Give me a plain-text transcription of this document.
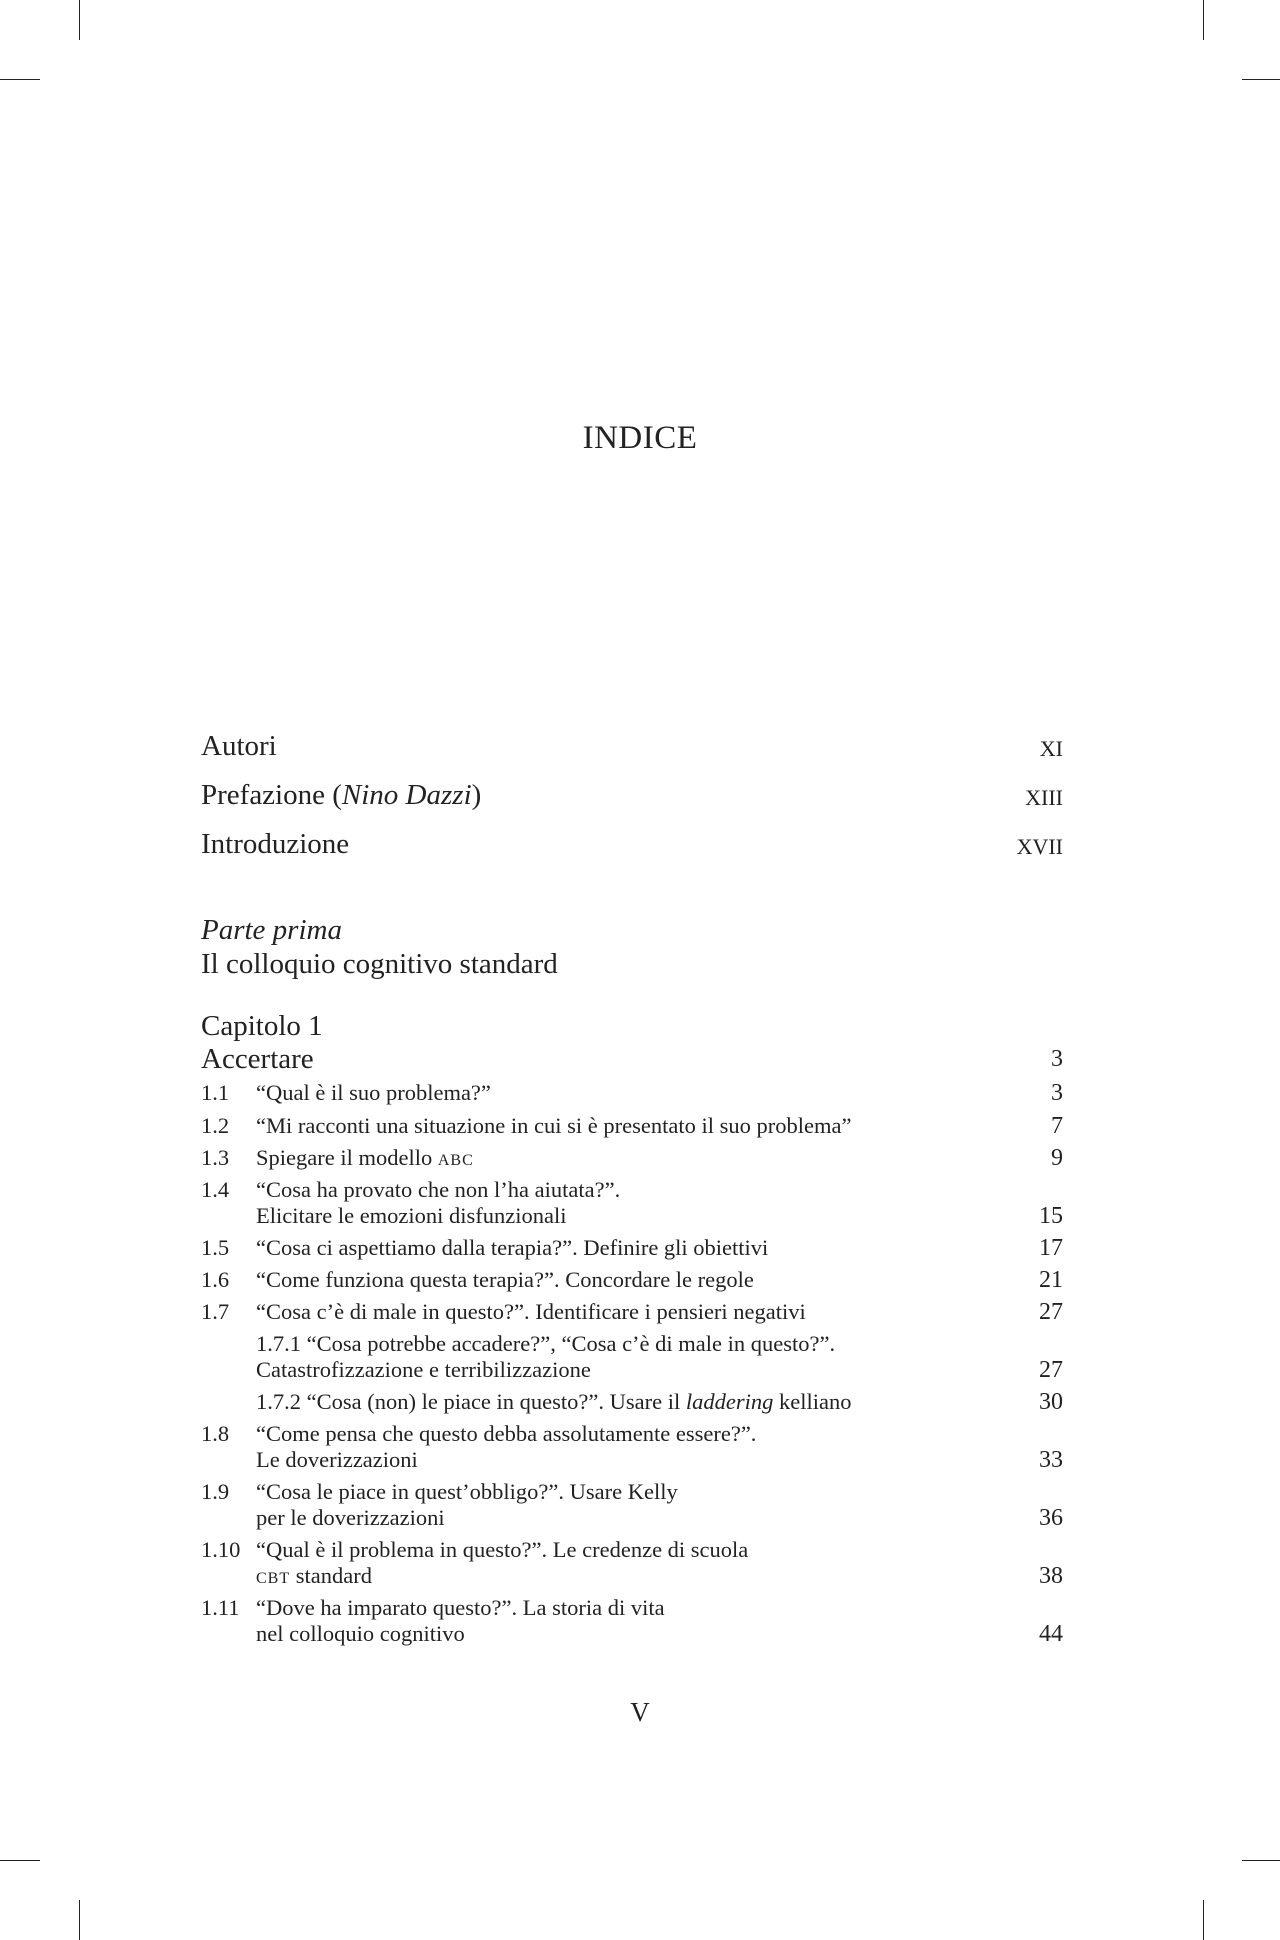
INDICE
Autori	XI
Prefazione (Nino Dazzi)	XIII
Introduzione	XVII
Parte prima
Il colloquio cognitivo standard
Capitolo 1
Accertare	3
1.1 “Qual è il suo problema?”	3
1.2 “Mi racconti una situazione in cui si è presentato il suo problema”	7
1.3 Spiegare il modello ABC	9
1.4 “Cosa ha provato che non l’ha aiutata?”.
Elicitare le emozioni disfunzionali	15
1.5 “Cosa ci aspettiamo dalla terapia?”. Definire gli obiettivi	17
1.6 “Come funziona questa terapia?”. Concordare le regole	21
1.7 “Cosa c’è di male in questo?”. Identificare i pensieri negativi	27
1.7.1 “Cosa potrebbe accadere?”, “Cosa c’è di male in questo?”.
Catastrofizzazione e terribilizzazione	27
1.7.2 “Cosa (non) le piace in questo?”. Usare il laddering kelliano	30
1.8 “Come pensa che questo debba assolutamente essere?”.
Le doverizzazioni	33
1.9 “Cosa le piace in quest’obbligo?”. Usare Kelly
per le doverizzazioni	36
1.10 “Qual è il problema in questo?”. Le credenze di scuola
CBT standard	38
1.11 “Dove ha imparato questo?”. La storia di vita
nel colloquio cognitivo	44
V
